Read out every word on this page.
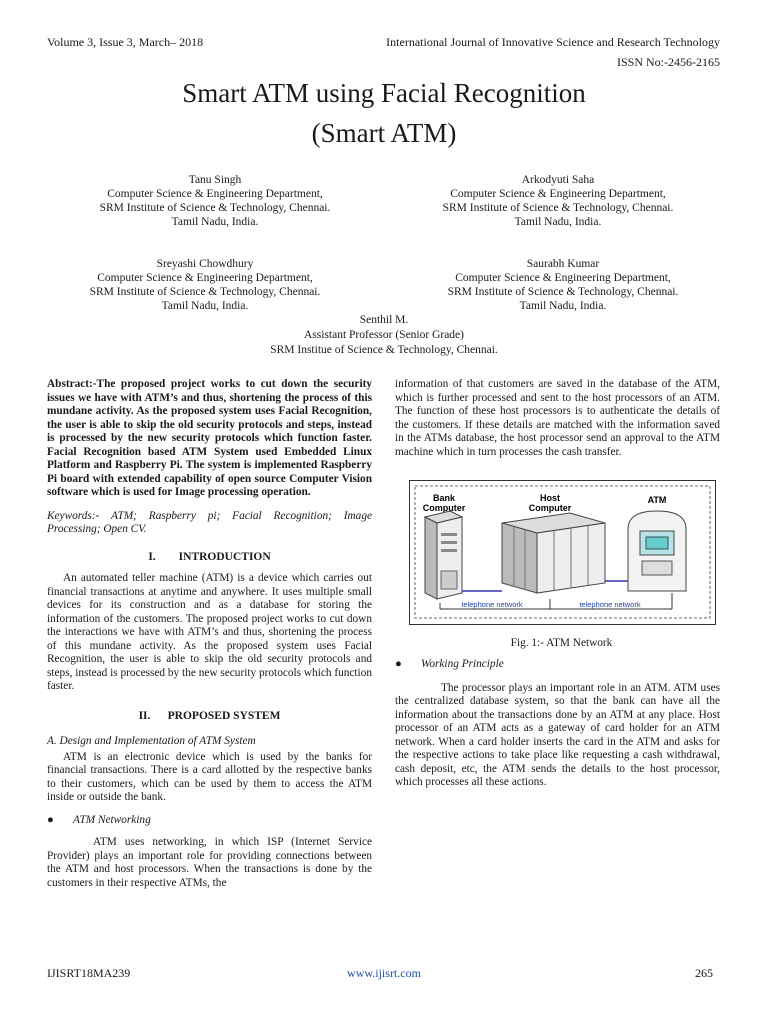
Volume 3, Issue 3, March– 2018	International Journal of Innovative Science and Research Technology
ISSN No:-2456-2165
Smart ATM using Facial Recognition
(Smart ATM)
Tanu Singh
Computer Science & Engineering Department,
SRM Institute of Science & Technology, Chennai.
Tamil Nadu, India.
Arkodyuti Saha
Computer Science & Engineering Department,
SRM Institute of Science & Technology, Chennai.
Tamil Nadu, India.
Sreyashi Chowdhury
Computer Science & Engineering Department,
SRM Institute of Science & Technology, Chennai.
Tamil Nadu, India.
Saurabh Kumar
Computer Science & Engineering Department,
SRM Institute of Science & Technology, Chennai.
Tamil Nadu, India.
Senthil M.
Assistant Professor (Senior Grade)
SRM Institue of Science & Technology, Chennai.

Abstract:-The proposed project works to cut down the security issues we have with ATM’s and thus, shortening the process of this mundane activity. As the proposed system uses Facial Recognition, the user is able to skip the old security protocols and steps, instead is processed by the new security protocols which function faster. Facial Recognition based ATM System used Embedded Linux Platform and Raspberry Pi. The system is implemented Raspberry Pi board with extended capability of open source Computer Vision software which is used for Image processing operation.

Keywords:- ATM; Raspberry pi; Facial Recognition; Image Processing; Open CV.

I. INTRODUCTION

An automated teller machine (ATM) is a device which carries out financial transactions at anytime and anywhere. It uses multiple small devices for its construction and as a database for storing the information of the customers. The proposed project works to cut down the interactions we have with ATM’s and thus, shortening the process of this mundane activity. As the proposed system uses Facial Recognition, the user is able to skip the old security protocols and steps, instead is processed by the new security protocols which function faster.

II. PROPOSED SYSTEM

A. Design and Implementation of ATM System

ATM is an electronic device which is used by the banks for financial transactions. There is a card allotted by the respective banks to their customers, which can be used by them to access the ATM inside or outside the bank.

● ATM Networking

ATM uses networking, in which ISP (Internet Service Provider) plays an important role for providing connections between the ATM and host processors. When the transactions is done by the customers in their respective ATMs, the

information of that customers are saved in the database of the ATM, which is further processed and sent to the host processors of an ATM. The function of these host processors is to authenticate the details of the customers. If these details are matched with the information saved in the ATMs database, the host processor send an approval to the ATM machine which in turn processes the cash transfer.

Bank
Computer
Host
Computer
ATM
telephone network	telephone network
Fig. 1:- ATM Network
● Working Principle

The processor plays an important role in an ATM. ATM uses the centralized database system, so that the bank can have all the information about the transactions done by an ATM at any place. Host processor of an ATM acts as a gateway of card holder for an ATM network. When a card holder inserts the card in the ATM and asks for the respective actions to take place like requesting a cash withdrawal, cash deposit, etc, the ATM sends the details to the host processor, which processes all these actions.

IJISRT18MA239	www.ijisrt.com	265
